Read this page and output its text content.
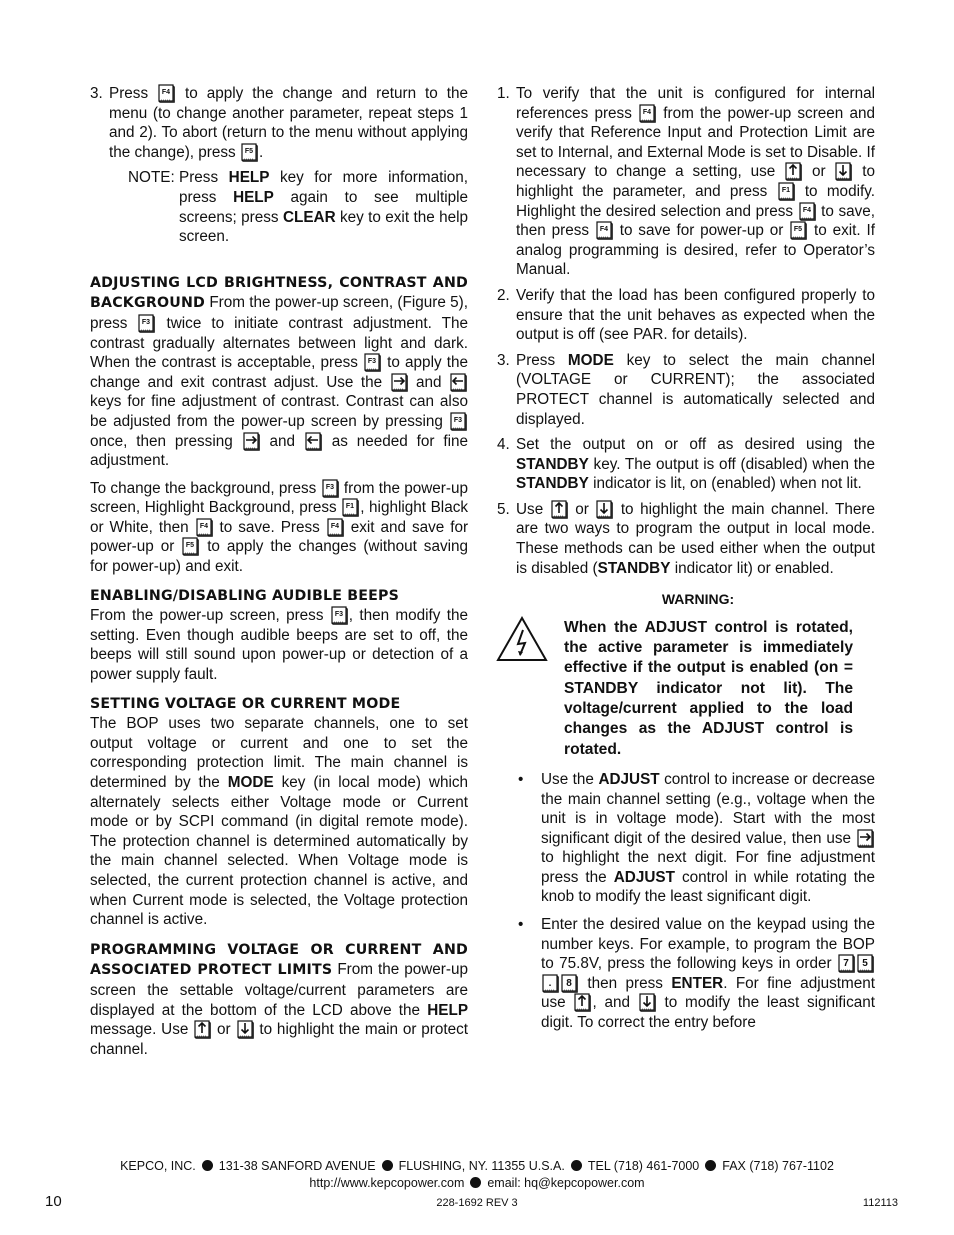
3. Press F4 to apply the change and return to the menu (to change another parameter, repeat steps 1 and 2). To abort (return to the menu without applying the change), press F5 .
NOTE: Press HELP key for more information, press HELP again to see multiple screens; press CLEAR key to exit the help screen.

ADJUSTING LCD BRIGHTNESS, CONTRAST AND BACKGROUND From the power-up screen, (Figure 5), press F3 twice to initiate contrast adjustment. The contrast gradually alternates between light and dark. When the contrast is acceptable, press F3 to apply the change and exit contrast adjust. Use the and
keys for fine adjustment of contrast. Contrast can also be adjusted from the power-up screen by pressing F3
once, then pressing and as needed for fine adjustment.

To change the background, press F3 from the power-up screen, Highlight Background, press F1 , highlight Black or White, then F4 to save. Press F4 exit and save for power-up or F5 to apply the changes (without saving for power-up) and exit.

ENABLING/DISABLING AUDIBLE BEEPS

From the power-up screen, press F3 , then modify the setting. Even though audible beeps are set to off, the beeps will still sound upon power-up or detection of a power supply fault.

SETTING VOLTAGE OR CURRENT MODE

The BOP uses two separate channels, one to set output voltage or current and one to set the corresponding protection limit. The main channel is determined by the MODE key (in local mode) which alternately selects either Voltage mode or Current mode or by SCPI command (in digital remote mode). The protection channel is determined automatically by the main channel selected. When Voltage mode is selected, the current protection channel is active, and when Current mode is selected, the Voltage protection channel is active.

PROGRAMMING VOLTAGE OR CURRENT AND ASSOCIATED PROTECT LIMITS From the power-up screen the settable voltage/current parameters are displayed at the bottom of the LCD above the HELP message. Use or to highlight the main or protect channel.

1. To verify that the unit is configured for internal references press F4 from the power-up screen and verify that Reference Input and Protection Limit are set to Internal, and External Mode is set to Disable. If necessary to change a setting, use or to highlight the parameter, and press F1 to modify. Highlight the desired selection and press F4 to save, then press F4 to save for power-up or F5 to exit. If analog programming is desired, refer to Operator’s Manual.
2. Verify that the load has been configured properly to ensure that the unit behaves as expected when the output is off (see PAR. for details).
3. Press MODE key to select the main channel (VOLTAGE or CURRENT); the associated PROTECT channel is automatically selected and displayed.
4. Set the output on or off as desired using the STANDBY key. The output is off (disabled) when the STANDBY indicator is lit, on (enabled) when not lit.
5. Use or to highlight the main channel. There are two ways to program the output in local mode. These methods can be used either when the output is disabled (STANDBY indicator lit) or enabled.
WARNING:
When the ADJUST control is rotated, the active parameter is immediately effective if the output is enabled (on = STANDBY indicator not lit). The voltage/current applied to the load changes as the ADJUST control is rotated.
• Use the ADJUST control to increase or decrease the main channel setting (e.g., voltage when the unit is in voltage mode). Start with the most significant digit of the desired value, then use
to highlight the next digit. For fine adjustment press the ADJUST control in while rotating the knob to modify the least significant digit.
• Enter the desired value on the keypad using the number keys. For example, to program the BOP to 75.8V, press the following keys in order 7 5
. 8 then press ENTER. For fine adjustment use , and to modify the least significant digit. To correct the entry before
KEPCO, INC. 131-38 SANFORD AVENUE FLUSHING, NY. 11355 U.S.A. TEL (718) 461-7000 FAX (718) 767-1102
http://www.kepcopower.com email: hq@kepcopower.com
10	228-1692 REV 3	112113
